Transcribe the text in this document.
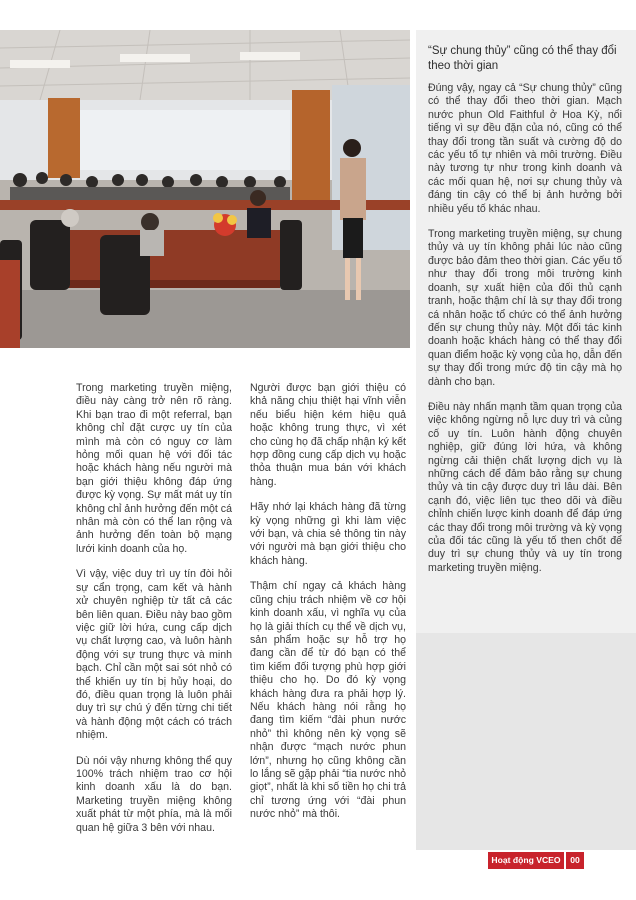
“Sự chung thủy” cũng có thể thay đổi theo thời gian

Đúng vậy, ngay cả “Sự chung thủy” cũng có thể thay đổi theo thời gian. Mạch nước phun Old Faithful ở Hoa Kỳ, nổi tiếng vì sự đều đặn của nó, cũng có thể thay đổi trong tần suất và cường độ do các yếu tố tự nhiên và môi trường. Điều này tương tự như trong kinh doanh và các mối quan hệ, nơi sự chung thủy và đáng tin cậy có thể bị ảnh hưởng bởi nhiều yếu tố khác nhau.

Trong marketing truyền miệng, sự chung thủy và uy tín không phải lúc nào cũng được bảo đảm theo thời gian. Các yếu tố như thay đổi trong môi trường kinh doanh, sự xuất hiện của đối thủ cạnh tranh, hoặc thậm chí là sự thay đổi trong cá nhân hoặc tổ chức có thể ảnh hưởng đến sự chung thủy này. Một đối tác kinh doanh hoặc khách hàng có thể thay đổi quan điểm hoặc kỳ vọng của họ, dẫn đến sự thay đổi trong mức độ tin cậy mà họ dành cho bạn.

Điều này nhấn mạnh tầm quan trọng của việc không ngừng nỗ lực duy trì và củng cố uy tín. Luôn hành động chuyên nghiệp, giữ đúng lời hứa, và không ngừng cải thiện chất lượng dịch vụ là những cách để đảm bảo rằng sự chung thủy và tin cậy được duy trì lâu dài. Bên cạnh đó, việc liên tục theo dõi và điều chỉnh chiến lược kinh doanh để đáp ứng các thay đổi trong môi trường và kỳ vọng của đối tác cũng là yếu tố then chốt để duy trì sự chung thủy và uy tín trong marketing truyền miệng.

Trong marketing truyền miệng, điều này càng trở nên rõ ràng. Khi bạn trao đi một referral, bạn không chỉ đặt cược uy tín của mình mà còn có nguy cơ làm hỏng mối quan hệ với đối tác hoặc khách hàng nếu người mà bạn giới thiệu không đáp ứng được kỳ vọng. Sự mất mát uy tín không chỉ ảnh hưởng đến một cá nhân mà còn có thể lan rộng và ảnh hưởng đến toàn bộ mạng lưới kinh doanh của họ.

Vì vậy, việc duy trì uy tín đòi hỏi sự cẩn trọng, cam kết và hành xử chuyên nghiệp từ tất cả các bên liên quan. Điều này bao gồm việc giữ lời hứa, cung cấp dịch vụ chất lượng cao, và luôn hành động với sự trung thực và minh bạch. Chỉ cần một sai sót nhỏ có thể khiến uy tín bị hủy hoại, do đó, điều quan trọng là luôn phải duy trì sự chú ý đến từng chi tiết và hành động một cách có trách nhiệm.

Dù nói vậy nhưng không thể quy 100% trách nhiệm trao cơ hội kinh doanh xấu là do bạn. Marketing truyền miệng không xuất phát từ một phía, mà là mối quan hệ giữa 3 bên với nhau.

Người được bạn giới thiệu có khả năng chịu thiệt hại vĩnh viễn nếu biểu hiện kém hiệu quả hoặc không trung thực, vì xét cho cùng họ đã chấp nhận ký kết hợp đồng cung cấp dịch vụ hoặc thỏa thuận mua bán với khách hàng.

Hãy nhớ lại khách hàng đã từng kỳ vọng những gì khi làm việc với bạn, và chia sẻ thông tin này với người mà bạn giới thiệu cho khách hàng.

Thậm chí ngay cả khách hàng cũng chịu trách nhiệm về cơ hội kinh doanh xấu, vì nghĩa vụ của họ là giải thích cụ thể về dịch vụ, sản phẩm hoặc sự hỗ trợ họ đang cần để từ đó bạn có thể tìm kiếm đối tượng phù hợp giới thiệu cho họ. Do đó kỳ vọng khách hàng đưa ra phải hợp lý. Nếu khách hàng nói rằng họ đang tìm kiếm “đài phun nước nhỏ” thì không nên kỳ vọng sẽ nhận được “mạch nước phun lớn”, nhưng họ cũng không cần lo lắng sẽ gặp phải “tia nước nhỏ giọt”, nhất là khi số tiền họ chi trả chỉ tương ứng với “đài phun nước nhỏ” mà thôi.

Hoạt động VCEO	00
